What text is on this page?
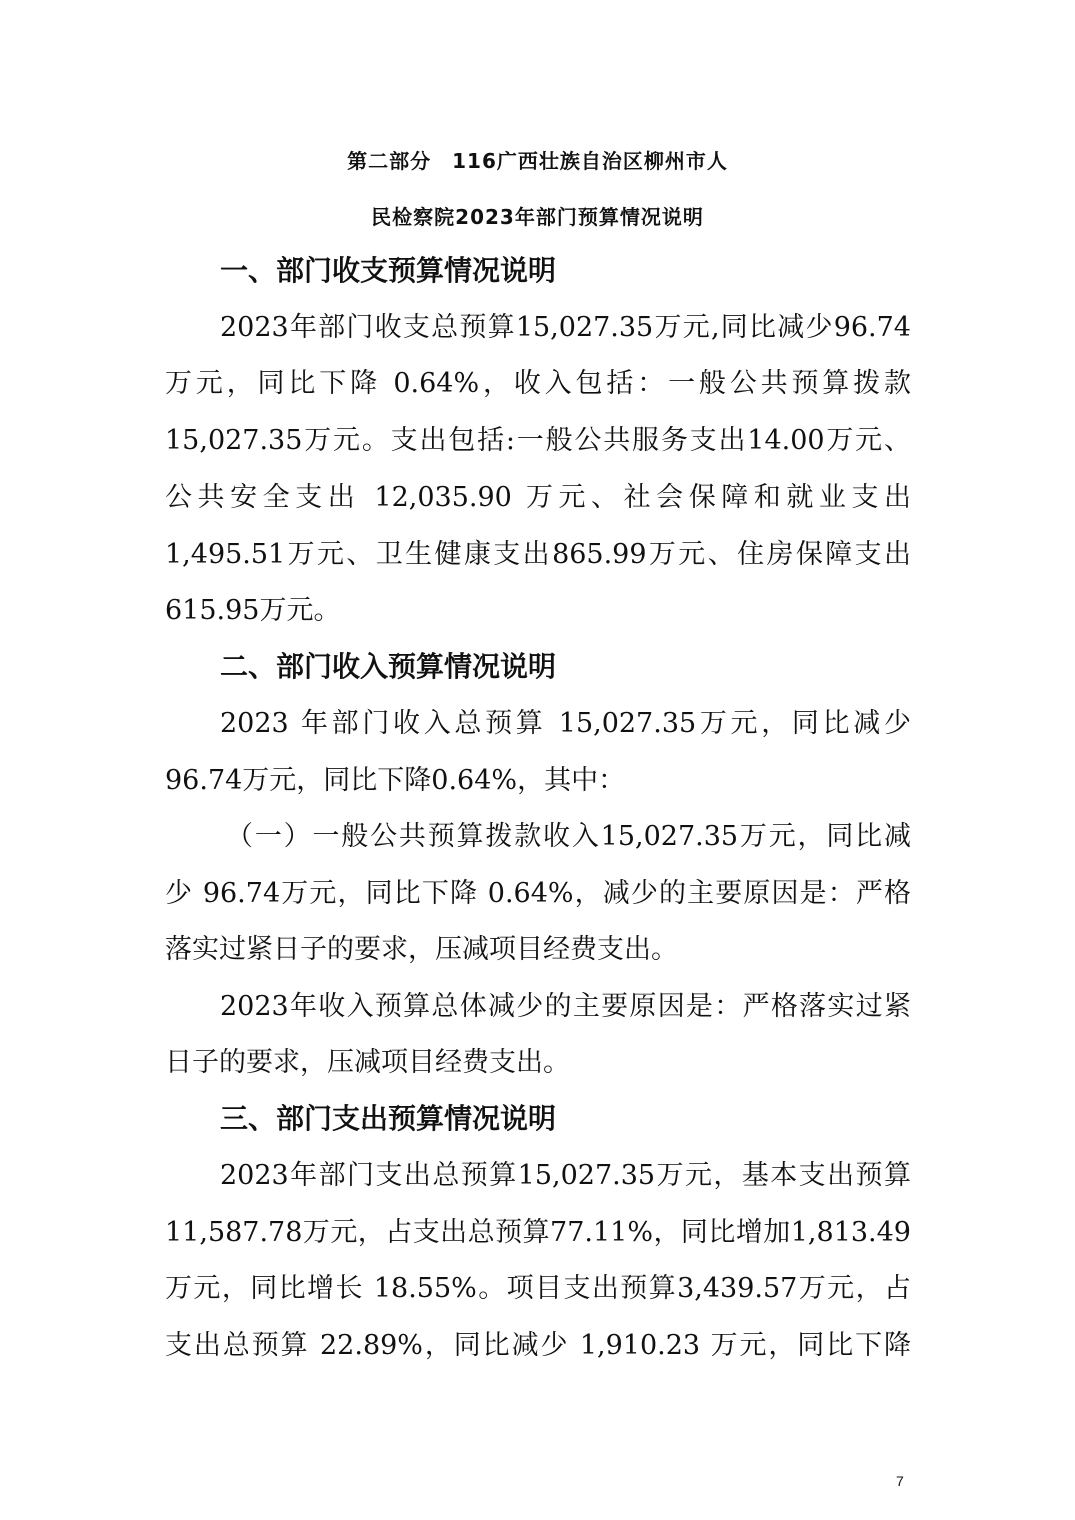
第二部分　116广西壮族自治区柳州市人
民检察院2023年部门预算情况说明
一、部门收支预算情况说明
2023年部门收支总预算15,027.35万元,同比减少96.74
万元，同比下降 0.64%，收入包括：一般公共预算拨款
15,027.35万元。支出包括:一般公共服务支出14.00万元、
公共安全支出 12,035.90 万元、社会保障和就业支出
1,495.51万元、卫生健康支出865.99万元、住房保障支出
615.95万元。
二、部门收入预算情况说明
2023 年部门收入总预算 15,027.35万元，同比减少
96.74万元，同比下降0.64%，其中：
（一）一般公共预算拨款收入15,027.35万元，同比减
少 96.74万元，同比下降 0.64%，减少的主要原因是：严格
落实过紧日子的要求，压减项目经费支出。
2023年收入预算总体减少的主要原因是：严格落实过紧
日子的要求，压减项目经费支出。
三、部门支出预算情况说明
2023年部门支出总预算15,027.35万元，基本支出预算
11,587.78万元，占支出总预算77.11%，同比增加1,813.49
万元，同比增长 18.55%。项目支出预算3,439.57万元，占
支出总预算 22.89%，同比减少 1,910.23 万元，同比下降
7
